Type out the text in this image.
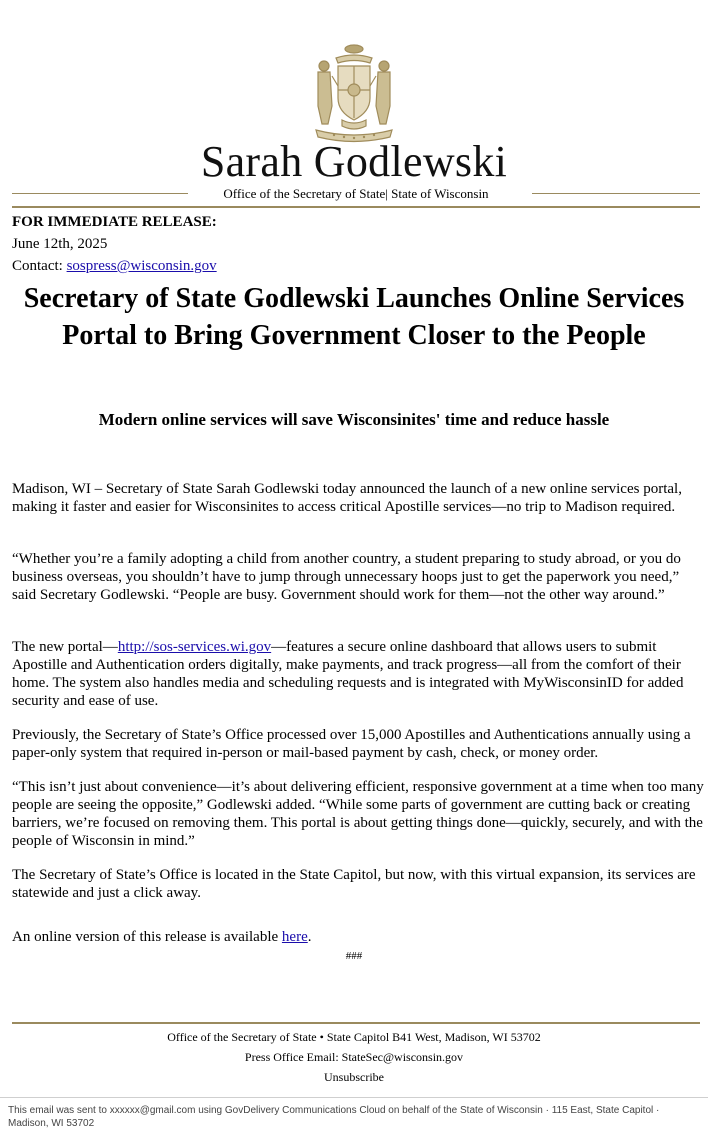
Sarah Godlewski
Office of the Secretary of State| State of Wisconsin
FOR IMMEDIATE RELEASE:
June 12th, 2025
Contact: sospress@wisconsin.gov
Secretary of State Godlewski Launches Online Services Portal to Bring Government Closer to the People
Modern online services will save Wisconsinites' time and reduce hassle

Madison, WI – Secretary of State Sarah Godlewski today announced the launch of a new online services portal, making it faster and easier for Wisconsinites to access critical Apostille services—no trip to Madison required.

“Whether you’re a family adopting a child from another country, a student preparing to study abroad, or you do business overseas, you shouldn’t have to jump through unnecessary hoops just to get the paperwork you need,” said Secretary Godlewski. “People are busy. Government should work for them—not the other way around.”

The new portal—http://sos-services.wi.gov—features a secure online dashboard that allows users to submit Apostille and Authentication orders digitally, make payments, and track progress—all from the comfort of their home. The system also handles media and scheduling requests and is integrated with MyWisconsinID for added security and ease of use.

Previously, the Secretary of State’s Office processed over 15,000 Apostilles and Authentications annually using a paper-only system that required in-person or mail-based payment by cash, check, or money order.

“This isn’t just about convenience—it’s about delivering efficient, responsive government at a time when too many people are seeing the opposite,” Godlewski added. “While some parts of government are cutting back or creating barriers, we’re focused on removing them. This portal is about getting things done—quickly, securely, and with the people of Wisconsin in mind.”

The Secretary of State’s Office is located in the State Capitol, but now, with this virtual expansion, its services are statewide and just a click away.

An online version of this release is available here.

###
Office of the Secretary of State • State Capitol B41 West, Madison, WI 53702
Press Office Email: StateSec@wisconsin.gov
Unsubscribe
This email was sent to xxxxxx@gmail.com using GovDelivery Communications Cloud on behalf of the State of Wisconsin · 115 East, State Capitol · Madison, WI 53702
